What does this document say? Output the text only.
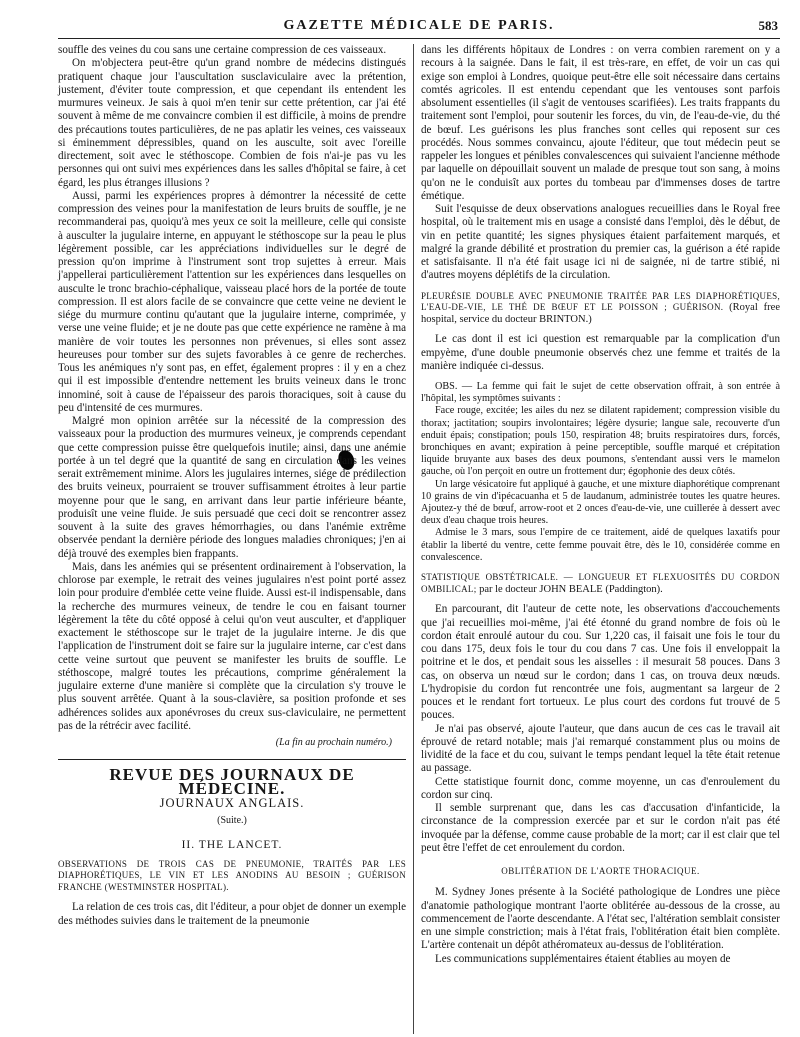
GAZETTE MÉDICALE DE PARIS.	583

souffle des veines du cou sans une certaine compression de ces vaisseaux.

On m'objectera peut-être qu'un grand nombre de médecins distingués pratiquent chaque jour l'auscultation susclaviculaire avec la prétention, justement, d'éviter toute compression, et que cependant ils entendent les murmures veineux. Je sais à quoi m'en tenir sur cette prétention, car j'ai été souvent à même de me convaincre combien il est difficile, à moins de prendre des précautions toutes particulières, de ne pas aplatir les veines, ces vaisseaux si éminemment dépressibles, quand on les ausculte, soit avec l'oreille directement, soit avec le stéthoscope. Combien de fois n'ai-je pas vu les personnes qui ont suivi mes expériences dans les salles d'hôpital se faire, à cet égard, les plus étranges illusions ?

Aussi, parmi les expériences propres à démontrer la nécessité de cette compression des veines pour la manifestation de leurs bruits de souffle, je ne recommanderai pas, quoiqu'à mes yeux ce soit la meilleure, celle qui consiste à ausculter la jugulaire interne, en appuyant le stéthoscope sur la peau le plus légèrement possible, car les appréciations individuelles sur le degré de pression qu'on imprime à l'instrument sont trop sujettes à erreur. Mais j'appellerai particulièrement l'attention sur les expériences dans lesquelles on ausculte le tronc brachio-céphalique, vaisseau placé hors de la portée de toute compression. Il est alors facile de se convaincre que cette veine ne devient le siége du murmure continu qu'autant que la jugulaire interne, comprimée, y verse une veine fluide; et je ne doute pas que cette expérience ne ramène à ma manière de voir toutes les personnes non prévenues, si elles sont assez heureuses pour tomber sur des sujets favorables à ce genre de recherches. Tous les anémiques n'y sont pas, en effet, également propres : il y en a chez qui il est impossible d'entendre nettement les bruits veineux dans le tronc innominé, soit à cause de l'épaisseur des parois thoraciques, soit à cause du peu d'intensité de ces murmures.

Malgré mon opinion arrêtée sur la nécessité de la compression des vaisseaux pour la production des murmures veineux, je comprends cependant que cette compression puisse être quelquefois inutile; ainsi, dans une anémie portée à un tel degré que la quantité de sang en circulation dans les veines serait extrêmement minime. Alors les jugulaires internes, siége de prédilection des bruits veineux, pourraient se trouver suffisamment étroites à leur partie moyenne pour que le sang, en arrivant dans leur partie inférieure béante, produisît une veine fluide. Je suis persuadé que ceci doit se rencontrer assez souvent à la suite des graves hémorrhagies, ou dans l'anémie extrême observée pendant la dernière période des longues maladies chroniques; j'en ai déjà trouvé des exemples bien frappants.

Mais, dans les anémies qui se présentent ordinairement à l'observation, la chlorose par exemple, le retrait des veines jugulaires n'est point porté assez loin pour produire d'emblée cette veine fluide. Aussi est-il indispensable, dans la recherche des murmures veineux, de tendre le cou en faisant tourner légèrement la tête du côté opposé à celui qu'on veut ausculter, et d'appliquer exactement le stéthoscope sur le trajet de la jugulaire interne. Je dis que l'application de l'instrument doit se faire sur la jugulaire interne, car c'est dans cette veine surtout que peuvent se manifester les bruits de souffle. Le stéthoscope, malgré toutes les précautions, comprime généralement la jugulaire externe d'une manière si complète que la circulation s'y trouve le plus souvent arrêtée. Quant à la sous-clavière, sa position profonde et ses adhérences solides aux aponévroses du creux sus-claviculaire, ne permettent pas de la rétrécir avec facilité.

(La fin au prochain numéro.)

REVUE DES JOURNAUX DE MÉDECINE.

JOURNAUX ANGLAIS.

(Suite.)

II. THE LANCET.

OBSERVATIONS DE TROIS CAS DE PNEUMONIE, TRAITÉS PAR LES DIAPHORÉTIQUES, LE VIN ET LES ANODINS AU BESOIN ; GUÉRISON FRANCHE (WESTMINSTER HOSPITAL).

La relation de ces trois cas, dit l'éditeur, a pour objet de donner un exemple des méthodes suivies dans le traitement de la pneumonie

dans les différents hôpitaux de Londres : on verra combien rarement on y a recours à la saignée. Dans le fait, il est très-rare, en effet, de voir un cas qui exige son emploi à Londres, quoique peut-être elle soit nécessaire dans certains comtés agricoles. Il est entendu cependant que les ventouses sont parfois absolument essentielles (il s'agit de ventouses scarifiées). Les traits frappants du traitement sont l'emploi, pour soutenir les forces, du vin, de l'eau-de-vie, du thé de bœuf. Les guérisons les plus franches sont celles qui reposent sur ces procédés. Nous sommes convaincu, ajoute l'éditeur, que tout médecin peut se rappeler les longues et pénibles convalescences qui suivaient l'ancienne méthode par laquelle on dépouillait souvent un malade de presque tout son sang, à moins qu'on ne le conduisît aux portes du tombeau par d'immenses doses de tartre émétique.

Suit l'esquisse de deux observations analogues recueillies dans le Royal free hospital, où le traitement mis en usage a consisté dans l'emploi, dès le début, de vin en petite quantité; les signes physiques étaient parfaitement marqués, et malgré la grande débilité et prostration du premier cas, la guérison a été rapide et satisfaisante. Il n'a été fait usage ici ni de saignée, ni de tartre stibié, ni d'autres moyens déplétifs de la circulation.

PLEURÉSIE DOUBLE AVEC PNEUMONIE TRAITÉE PAR LES DIAPHORÉTIQUES, L'EAU-DE-VIE, LE THÉ DE BŒUF ET LE POISSON ; GUÉRISON. (Royal free hospital, service du docteur BRINTON.)

Le cas dont il est ici question est remarquable par la complication d'un empyème, d'une double pneumonie observés chez une femme et traités de la manière indiquée ci-dessus.

OBS. — La femme qui fait le sujet de cette observation offrait, à son entrée à l'hôpital, les symptômes suivants :

Face rouge, excitée; les ailes du nez se dilatent rapidement; compression visible du thorax; jactitation; soupirs involontaires; légère dysurie; langue sale, recouverte d'un enduit épais; constipation; pouls 150, respiration 48; bruits respiratoires durs, forcés, bronchiques en avant; expiration à peine perceptible, souffle marqué et crépitation liquide bruyante aux bases des deux poumons, s'entendant aussi vers le mamelon gauche, où l'on perçoit en outre un frottement dur; égophonie des deux côtés.

Un large vésicatoire fut appliqué à gauche, et une mixture diaphorétique comprenant 10 grains de vin d'ipécacuanha et 5 de laudanum, administrée toutes les quatre heures. Ajoutez-y thé de bœuf, arrow-root et 2 onces d'eau-de-vie, une cuillerée à dessert avec deux d'eau chaque trois heures.

Admise le 3 mars, sous l'empire de ce traitement, aidé de quelques laxatifs pour établir la liberté du ventre, cette femme pouvait être, dès le 10, considérée comme en convalescence.

STATISTIQUE OBSTÉTRICALE. — LONGUEUR ET FLEXUOSITÉS DU CORDON OMBILICAL; par le docteur JOHN BEALE (Paddington).

En parcourant, dit l'auteur de cette note, les observations d'accouchements que j'ai recueillies moi-même, j'ai été étonné du grand nombre de fois où le cordon était enroulé autour du cou. Sur 1,220 cas, il faisait une fois le tour du cou dans 175, deux fois le tour du cou dans 7 cas. Une fois il enveloppait la poitrine et le dos, et pendait sous les aisselles : il mesurait 58 pouces. Dans 3 cas, on observa un nœud sur le cordon; dans 1 cas, on trouva deux nœuds. L'hydropisie du cordon fut rencontrée une fois, augmentant sa largeur de 2 pouces et le rendant fort tortueux. Le plus court des cordons fut trouvé de 5 pouces.

Je n'ai pas observé, ajoute l'auteur, que dans aucun de ces cas le travail ait éprouvé de retard notable; mais j'ai remarqué constamment plus ou moins de lividité de la face et du cou, suivant le temps pendant lequel la tête était retenue au passage.

Cette statistique fournit donc, comme moyenne, un cas d'enroulement du cordon sur cinq.

Il semble surprenant que, dans les cas d'accusation d'infanticide, la circonstance de la compression exercée par et sur le cordon n'ait pas été invoquée par la défense, comme cause probable de la mort; car il est clair que tel peut être l'effet de cet enroulement du cordon.

OBLITÉRATION DE L'AORTE THORACIQUE.

M. Sydney Jones présente à la Société pathologique de Londres une pièce d'anatomie pathologique montrant l'aorte oblitérée au-dessous de la crosse, au commencement de l'aorte descendante. A l'état sec, l'altération semblait consister en une simple constriction; mais à l'état frais, l'oblitération était bien complète. L'artère contenait un dépôt athéromateux au-dessus de l'oblitération.

Les communications supplémentaires étaient établies au moyen de
